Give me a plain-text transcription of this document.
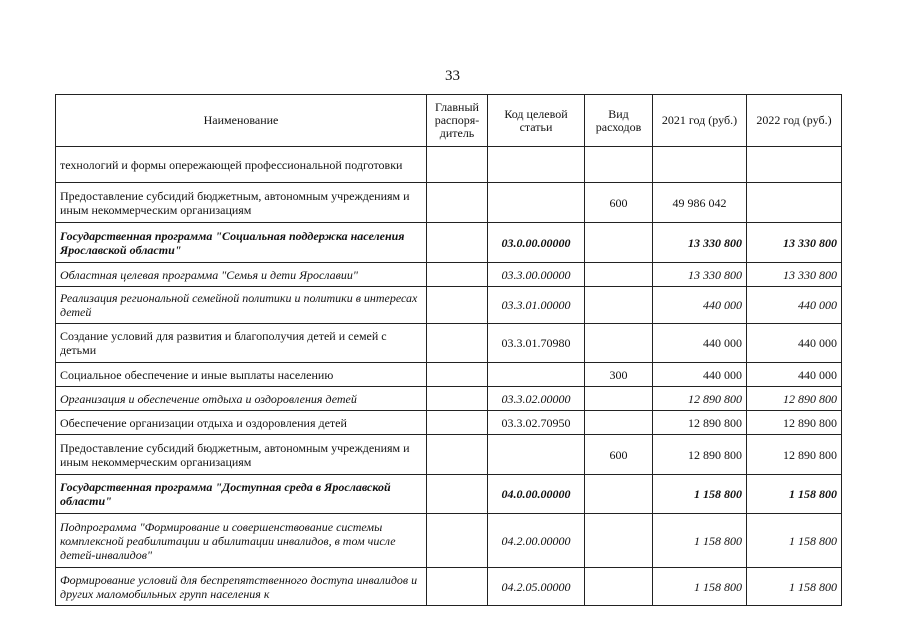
33
Наименование	Главный распоря-дитель	Код целевой статьи	Вид расходов	2021 год (руб.)	2022 год (руб.)
технологий и формы опережающей профессиональной подготовки					
Предоставление субсидий бюджетным, автономным учреждениям и иным некоммерческим организациям			600	49 986 042	
Государственная программа "Социальная поддержка населения Ярославской области"		03.0.00.00000		13 330 800	13 330 800
Областная целевая программа "Семья и дети Ярославии"		03.3.00.00000		13 330 800	13 330 800
Реализация региональной семейной политики и политики в интересах детей		03.3.01.00000		440 000	440 000
Создание условий для развития и благополучия детей и семей с детьми		03.3.01.70980		440 000	440 000
Социальное обеспечение и иные выплаты населению			300	440 000	440 000
Организация и обеспечение отдыха и оздоровления детей		03.3.02.00000		12 890 800	12 890 800
Обеспечение организации отдыха и оздоровления детей		03.3.02.70950		12 890 800	12 890 800
Предоставление субсидий бюджетным, автономным учреждениям и иным некоммерческим организациям			600	12 890 800	12 890 800
Государственная программа "Доступная среда в Ярославской области"		04.0.00.00000		1 158 800	1 158 800
Подпрограмма "Формирование и совершенствование системы комплексной реабилитации и абилитации инвалидов, в том числе детей-инвалидов"		04.2.00.00000		1 158 800	1 158 800
Формирование условий для беспрепятственного доступа инвалидов и других маломобильных групп населения к		04.2.05.00000		1 158 800	1 158 800
